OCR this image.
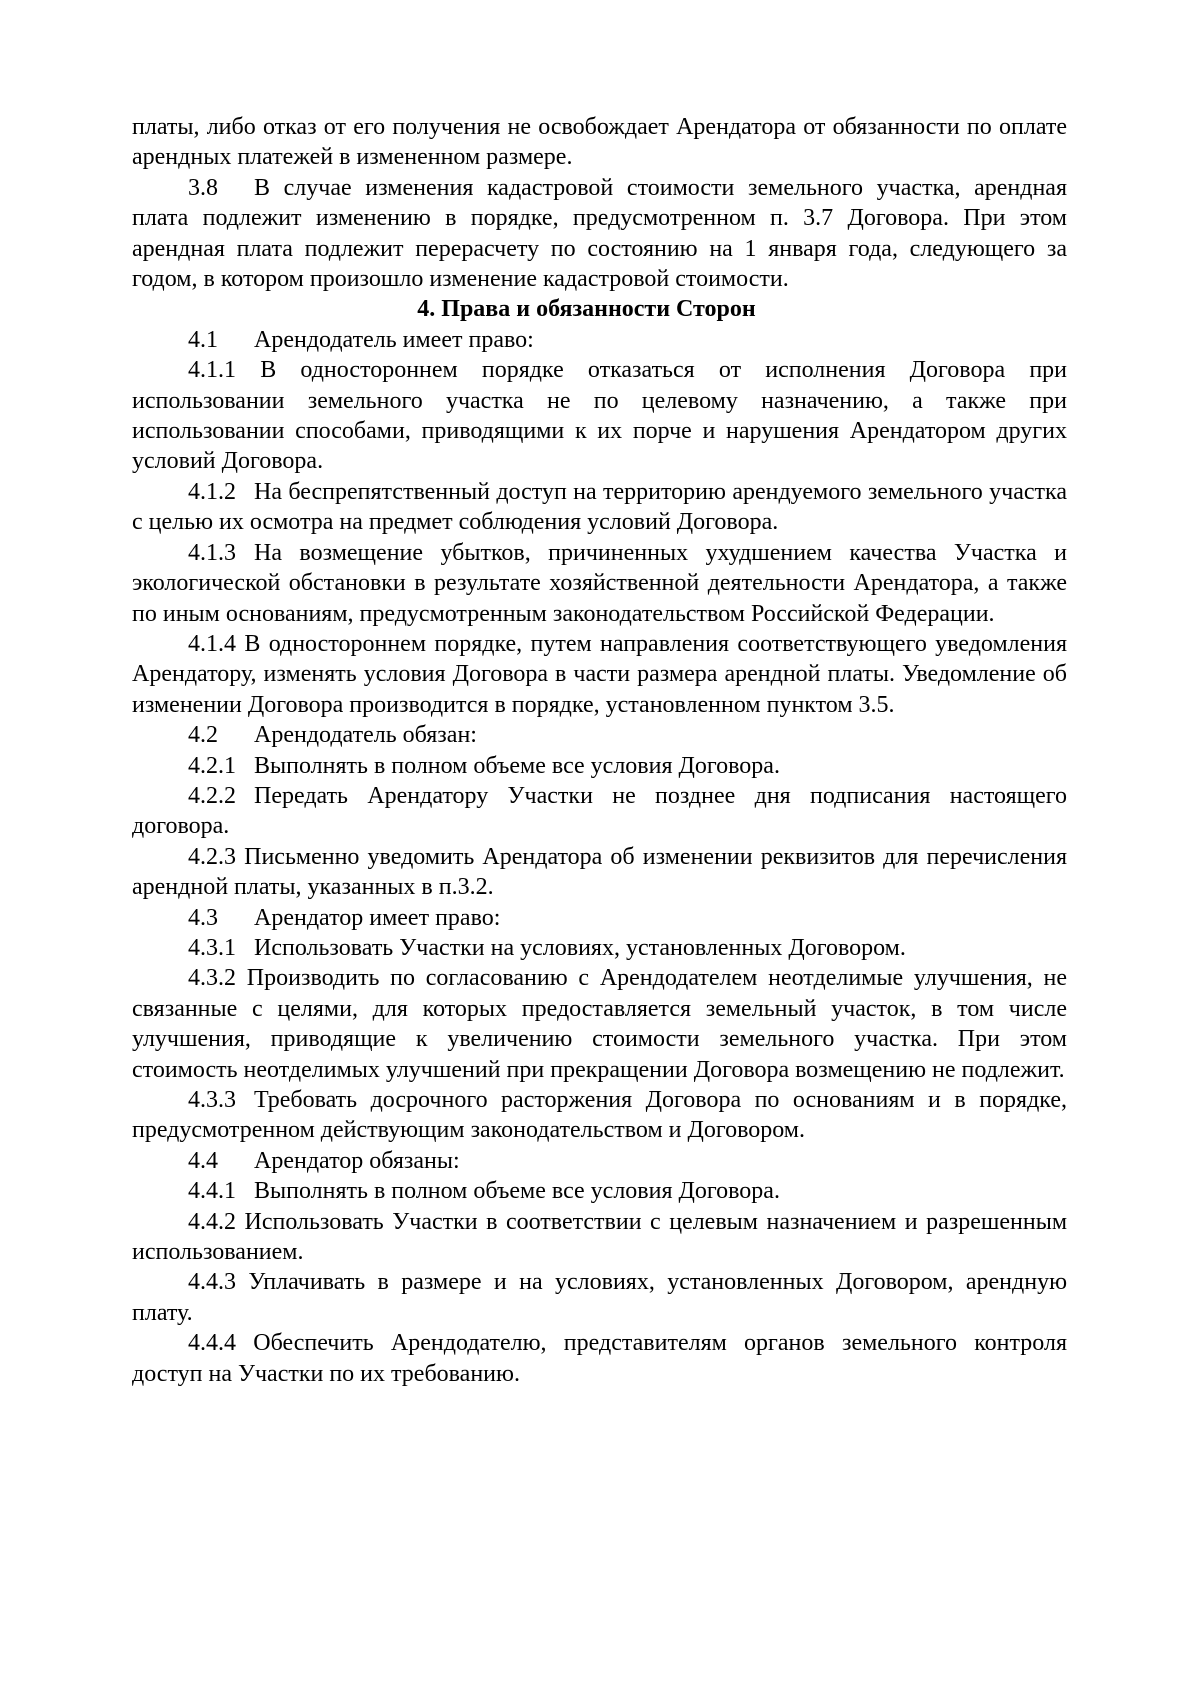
платы, либо отказ от его получения не освобождает Арендатора от обязанности по оплате арендных платежей в измененном размере.

3.8 В случае изменения кадастровой стоимости земельного участка, арендная плата подлежит изменению в порядке, предусмотренном п. 3.7 Договора. При этом арендная плата подлежит перерасчету по состоянию на 1 января года, следующего за годом, в котором произошло изменение кадастровой стоимости.

4. Права и обязанности Сторон

4.1 Арендодатель имеет право:

4.1.1 В одностороннем порядке отказаться от исполнения Договора при использовании земельного участка не по целевому назначению, а также при использовании способами, приводящими к их порче и нарушения Арендатором других условий Договора.

4.1.2 На беспрепятственный доступ на территорию арендуемого земельного участка с целью их осмотра на предмет соблюдения условий Договора.

4.1.3 На возмещение убытков, причиненных ухудшением качества Участка и экологической обстановки в результате хозяйственной деятельности Арендатора, а также по иным основаниям, предусмотренным законодательством Российской Федерации.

4.1.4 В одностороннем порядке, путем направления соответствующего уведомления Арендатору, изменять условия Договора в части размера арендной платы. Уведомление об изменении Договора производится в порядке, установленном пунктом 3.5.

4.2 Арендодатель обязан:

4.2.1 Выполнять в полном объеме все условия Договора.

4.2.2 Передать Арендатору Участки не позднее дня подписания настоящего договора.

4.2.3 Письменно уведомить Арендатора об изменении реквизитов для перечисления арендной платы, указанных в п.3.2.

4.3 Арендатор имеет право:

4.3.1 Использовать Участки на условиях, установленных Договором.

4.3.2 Производить по согласованию с Арендодателем неотделимые улучшения, не связанные с целями, для которых предоставляется земельный участок, в том числе улучшения, приводящие к увеличению стоимости земельного участка. При этом стоимость неотделимых улучшений при прекращении Договора возмещению не подлежит.

4.3.3 Требовать досрочного расторжения Договора по основаниям и в порядке, предусмотренном действующим законодательством и Договором.

4.4 Арендатор обязаны:

4.4.1 Выполнять в полном объеме все условия Договора.

4.4.2 Использовать Участки в соответствии с целевым назначением и разрешенным использованием.

4.4.3 Уплачивать в размере и на условиях, установленных Договором, арендную плату.

4.4.4 Обеспечить Арендодателю, представителям органов земельного контроля доступ на Участки по их требованию.
